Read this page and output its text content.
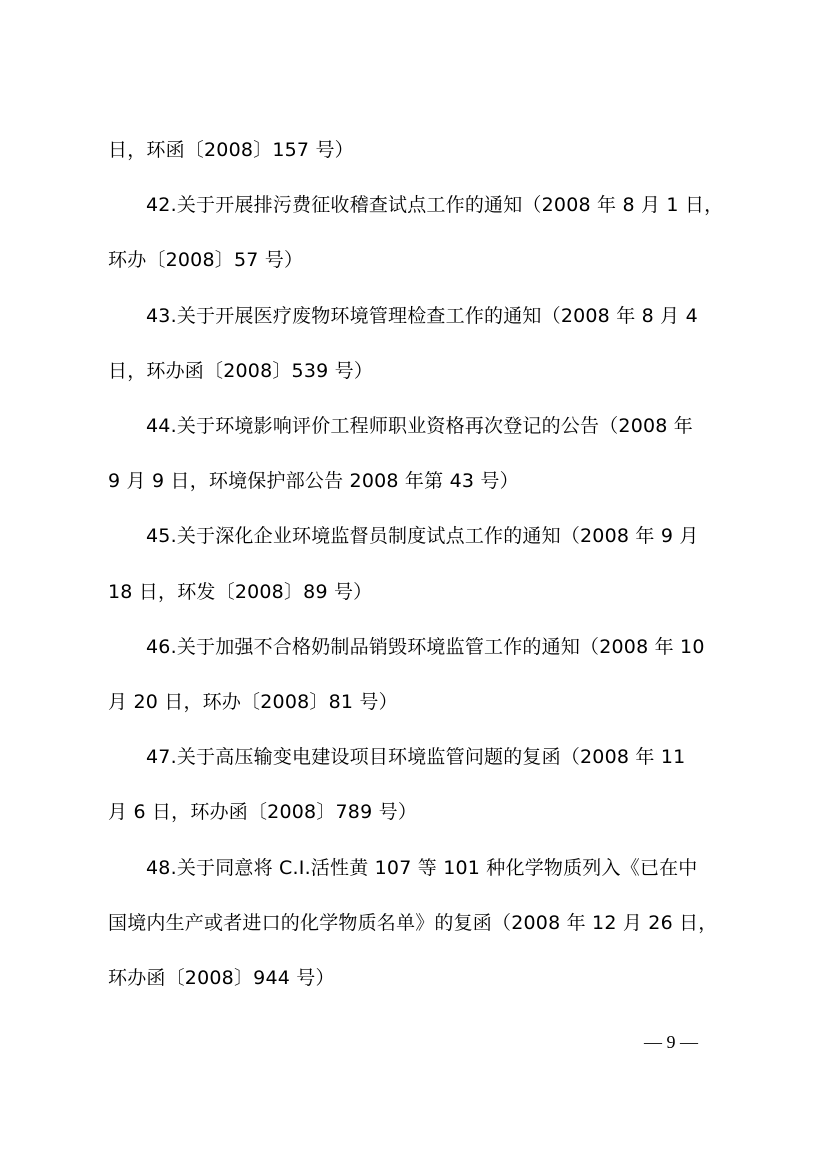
日，环函〔2008〕157 号）
42.关于开展排污费征收稽查试点工作的通知（2008 年 8 月 1 日，
环办〔2008〕57 号）
43.关于开展医疗废物环境管理检查工作的通知（2008 年 8 月 4
日，环办函〔2008〕539 号）
44.关于环境影响评价工程师职业资格再次登记的公告（2008 年
9 月 9 日，环境保护部公告 2008 年第 43 号）
45.关于深化企业环境监督员制度试点工作的通知（2008 年 9 月
18 日，环发〔2008〕89 号）
46.关于加强不合格奶制品销毁环境监管工作的通知（2008 年 10
月 20 日，环办〔2008〕81 号）
47.关于高压输变电建设项目环境监管问题的复函（2008 年 11
月 6 日，环办函〔2008〕789 号）
48.关于同意将 C.I.活性黄 107 等 101 种化学物质列入《已在中
国境内生产或者进口的化学物质名单》的复函（2008 年 12 月 26 日，
环办函〔2008〕944 号）
— 9 —
